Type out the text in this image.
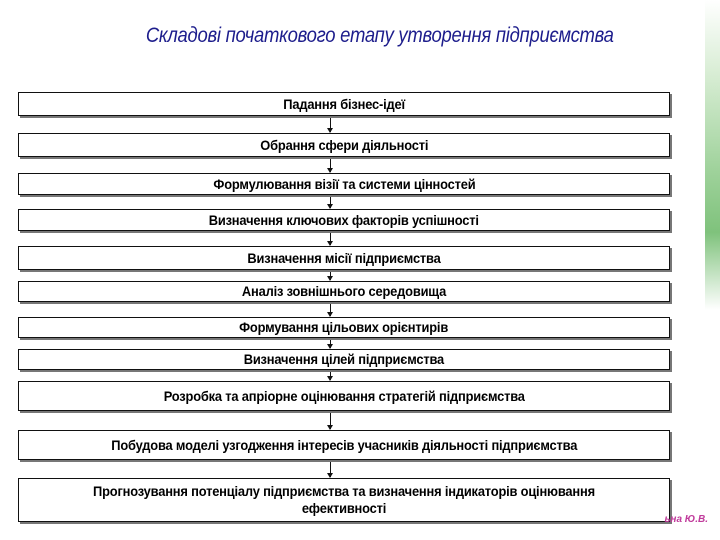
Складові початкового етапу утворення підприємства
Падання бізнес-ідеї
Обрання сфери діяльності
Формулювання візії та системи цінностей
Визначення ключових факторів успішності
Визначення місії підприємства
Аналіз зовнішнього середовища
Формування цільових орієнтирів
Визначення цілей підприємства
Розробка та апріорне оцінювання стратегій підприємства
Побудова моделі узгодження інтересів учасників діяльності підприємства
Прогнозування потенціалу підприємства та визначення індикаторів оцінювання ефективності
ьна Ю.В.
